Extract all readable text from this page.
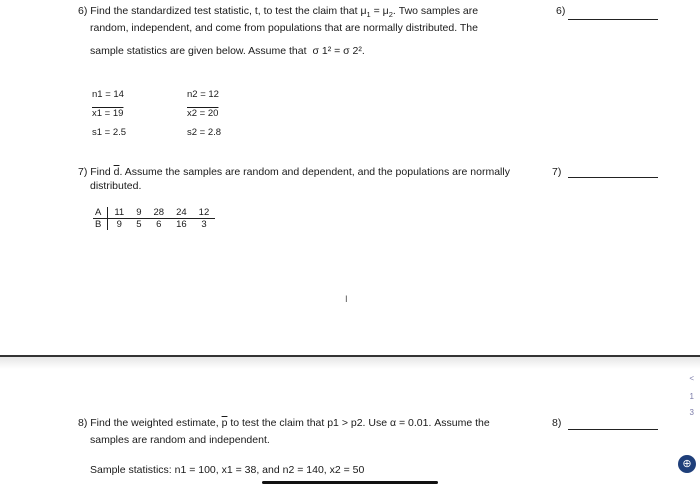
6) Find the standardized test statistic, t, to test the claim that $\mu_1 = \mu_2$. Two samples are
random, independent, and come from populations that are normally distributed. The
sample statistics are given below. Assume that σ 1² = σ 2².
6)
n1 = 14	n2 = 12
x1 = 19	x2 = 20
s1 = 2.5	s2 = 2.8
7) Find $\overline{d}$. Assume the samples are random and dependent, and the populations are normally
distributed.
7)
A	11	9	28	24	12
B	9	5	6	16	3
I
8) Find the weighted estimate, $\overline{p}$ to test the claim that p1 > p2. Use α = 0.01. Assume the
samples are random and independent.
Sample statistics: n1 = 100, x1 = 38, and n2 = 140, x2 = 50
8)
<
1
3
⊕
